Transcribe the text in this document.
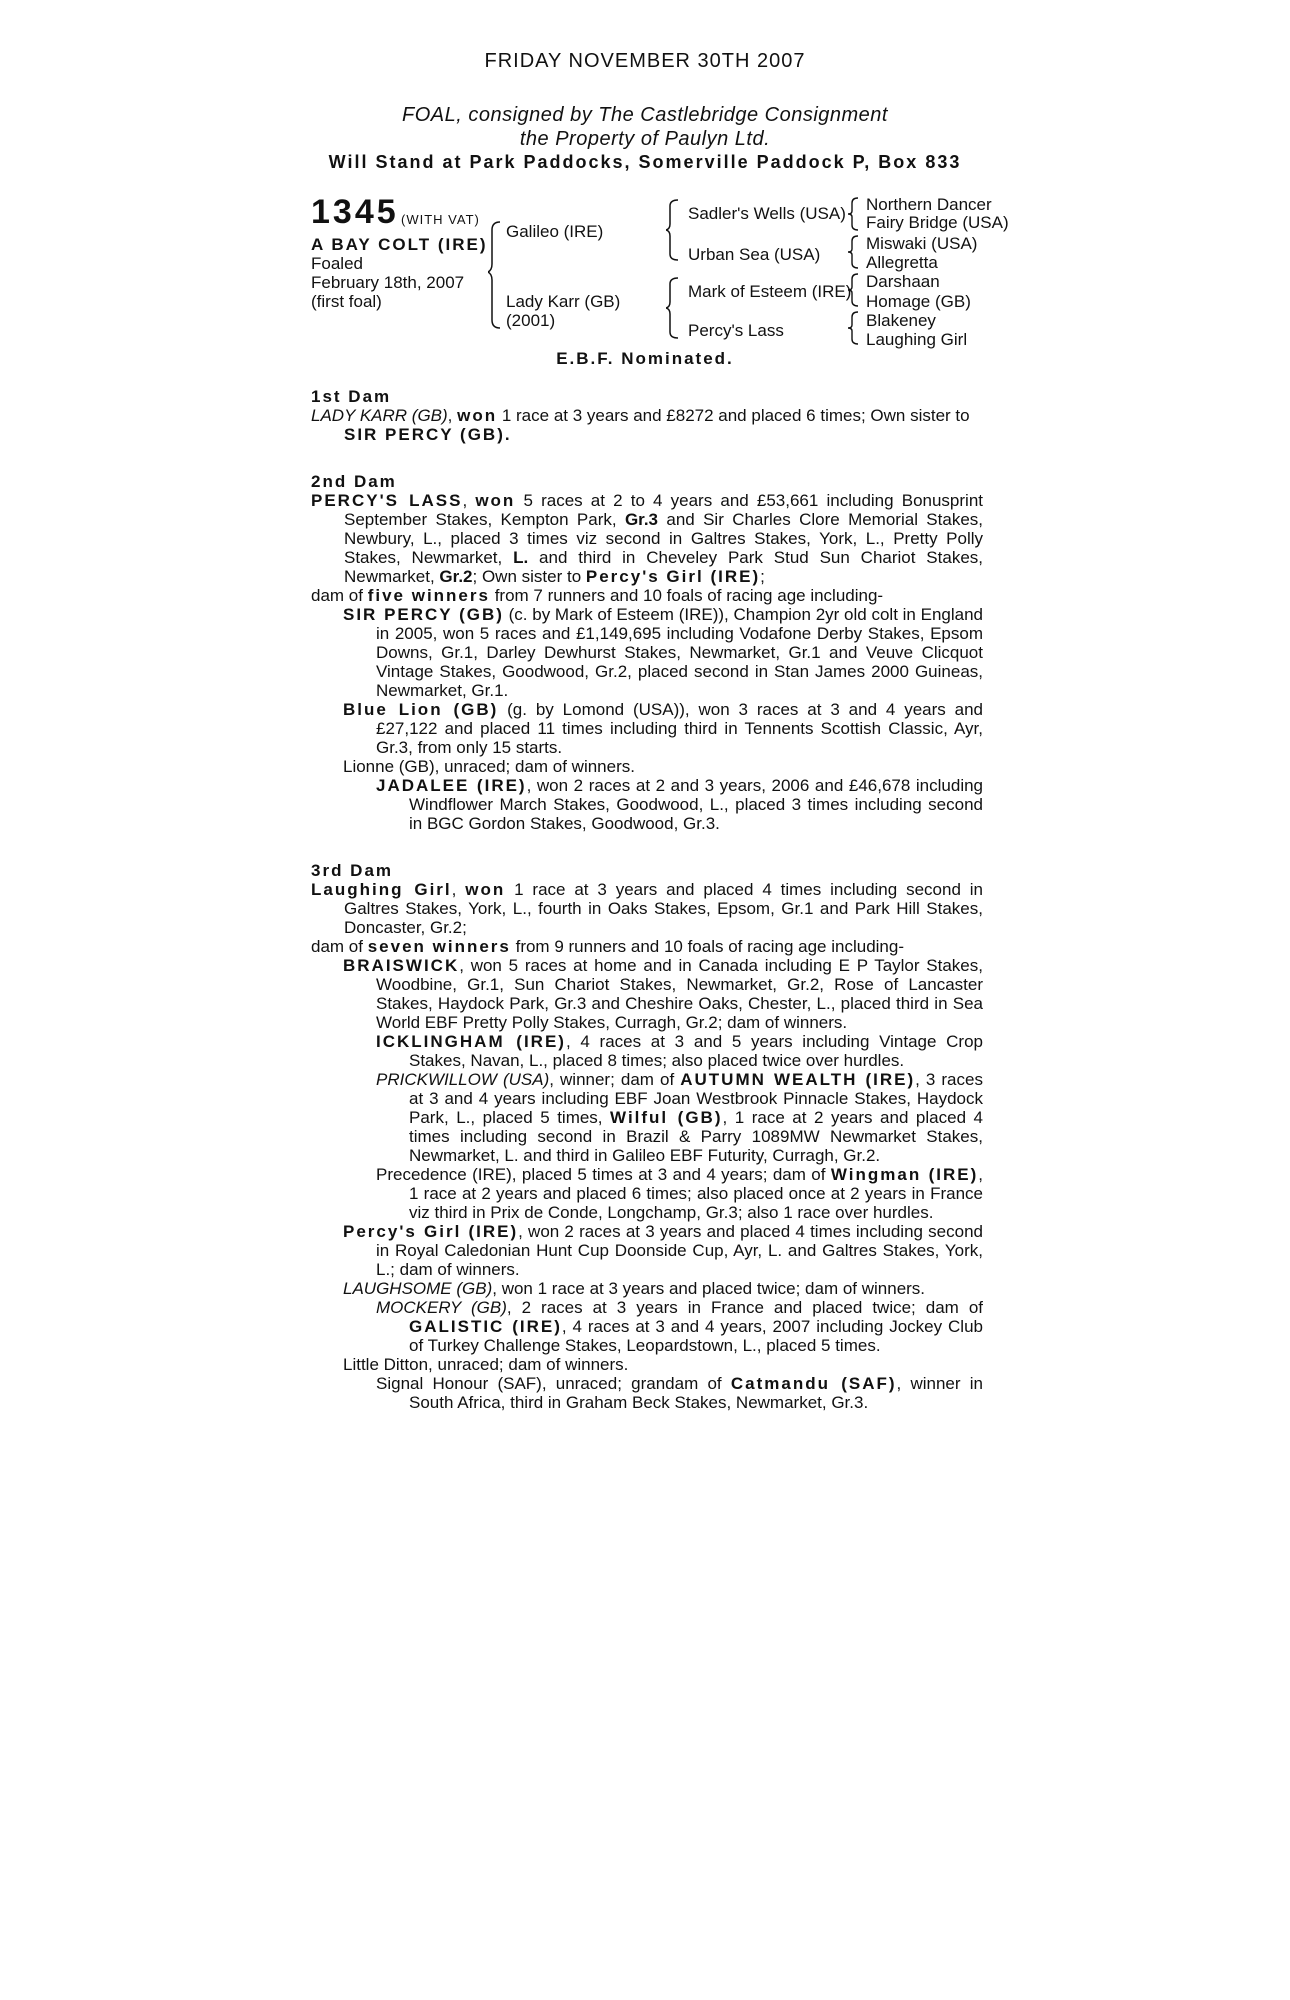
FRIDAY NOVEMBER 30TH 2007
FOAL, consigned by The Castlebridge Consignment
the Property of Paulyn Ltd.
Will Stand at Park Paddocks, Somerville Paddock P, Box 833
1345 (WITH VAT)
A BAY COLT (IRE)
Foaled
February 18th, 2007
(first foal)
Galileo (IRE)
Lady Karr (GB)
(2001)
Sadler's Wells (USA)
Urban Sea (USA)
Mark of Esteem (IRE)
Percy's Lass
Northern Dancer
Fairy Bridge (USA)
Miswaki (USA)
Allegretta
Darshaan
Homage (GB)
Blakeney
Laughing Girl
E.B.F. Nominated.
1st Dam

LADY KARR (GB), won 1 race at 3 years and £8272 and placed 6 times; Own sister to
SIR PERCY (GB).

2nd Dam

PERCY'S LASS, won 5 races at 2 to 4 years and £53,661 including Bonusprint September Stakes, Kempton Park, Gr.3 and Sir Charles Clore Memorial Stakes, Newbury, L., placed 3 times viz second in Galtres Stakes, York, L., Pretty Polly Stakes, Newmarket, L. and third in Cheveley Park Stud Sun Chariot Stakes, Newmarket, Gr.2; Own sister to Percy's Girl (IRE);

dam of five winners from 7 runners and 10 foals of racing age including-

SIR PERCY (GB) (c. by Mark of Esteem (IRE)), Champion 2yr old colt in England in 2005, won 5 races and £1,149,695 including Vodafone Derby Stakes, Epsom Downs, Gr.1, Darley Dewhurst Stakes, Newmarket, Gr.1 and Veuve Clicquot Vintage Stakes, Goodwood, Gr.2, placed second in Stan James 2000 Guineas, Newmarket, Gr.1.

Blue Lion (GB) (g. by Lomond (USA)), won 3 races at 3 and 4 years and £27,122 and placed 11 times including third in Tennents Scottish Classic, Ayr, Gr.3, from only 15 starts.

Lionne (GB), unraced; dam of winners.

JADALEE (IRE), won 2 races at 2 and 3 years, 2006 and £46,678 including Windflower March Stakes, Goodwood, L., placed 3 times including second in BGC Gordon Stakes, Goodwood, Gr.3.

3rd Dam

Laughing Girl, won 1 race at 3 years and placed 4 times including second in Galtres Stakes, York, L., fourth in Oaks Stakes, Epsom, Gr.1 and Park Hill Stakes, Doncaster, Gr.2;

dam of seven winners from 9 runners and 10 foals of racing age including-

BRAISWICK, won 5 races at home and in Canada including E P Taylor Stakes, Woodbine, Gr.1, Sun Chariot Stakes, Newmarket, Gr.2, Rose of Lancaster Stakes, Haydock Park, Gr.3 and Cheshire Oaks, Chester, L., placed third in Sea World EBF Pretty Polly Stakes, Curragh, Gr.2; dam of winners.

ICKLINGHAM (IRE), 4 races at 3 and 5 years including Vintage Crop Stakes, Navan, L., placed 8 times; also placed twice over hurdles.

PRICKWILLOW (USA), winner; dam of AUTUMN WEALTH (IRE), 3 races at 3 and 4 years including EBF Joan Westbrook Pinnacle Stakes, Haydock Park, L., placed 5 times, Wilful (GB), 1 race at 2 years and placed 4 times including second in Brazil & Parry 1089MW Newmarket Stakes, Newmarket, L. and third in Galileo EBF Futurity, Curragh, Gr.2.

Precedence (IRE), placed 5 times at 3 and 4 years; dam of Wingman (IRE), 1 race at 2 years and placed 6 times; also placed once at 2 years in France viz third in Prix de Conde, Longchamp, Gr.3; also 1 race over hurdles.

Percy's Girl (IRE), won 2 races at 3 years and placed 4 times including second in Royal Caledonian Hunt Cup Doonside Cup, Ayr, L. and Galtres Stakes, York, L.; dam of winners.

LAUGHSOME (GB), won 1 race at 3 years and placed twice; dam of winners.

MOCKERY (GB), 2 races at 3 years in France and placed twice; dam of GALISTIC (IRE), 4 races at 3 and 4 years, 2007 including Jockey Club of Turkey Challenge Stakes, Leopardstown, L., placed 5 times.

Little Ditton, unraced; dam of winners.

Signal Honour (SAF), unraced; grandam of Catmandu (SAF), winner in South Africa, third in Graham Beck Stakes, Newmarket, Gr.3.
